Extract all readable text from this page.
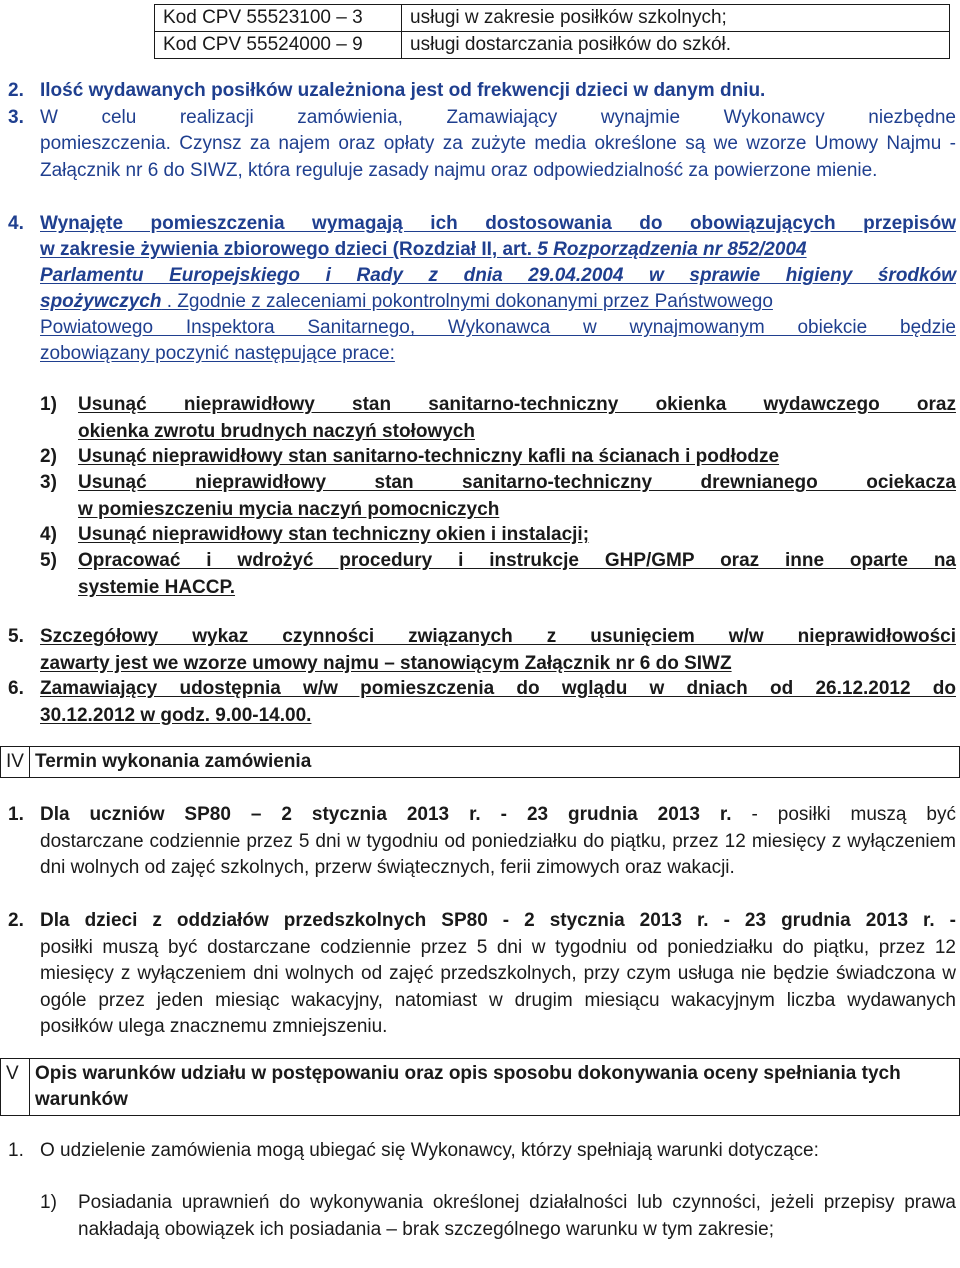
Kod CPV 55523100 – 3	usługi w zakresie posiłków szkolnych;
Kod CPV 55524000 – 9	usługi dostarczania posiłków do szkół.
2. Ilość wydawanych posiłków uzależniona jest od frekwencji dzieci w danym dniu.
3. W celu realizacji zamówienia, Zamawiający wynajmie Wykonawcy niezbędne
pomieszczenia. Czynsz za najem oraz opłaty za zużyte media określone są we wzorze Umowy Najmu - Załącznik nr 6 do SIWZ, która reguluje zasady najmu oraz odpowiedzialność za powierzone mienie.
4. Wynajęte pomieszczenia wymagają ich dostosowania do obowiązujących przepisów
w zakresie żywienia zbiorowego dzieci (Rozdział II, art. 5 Rozporządzenia nr 852/2004
Parlamentu Europejskiego i Rady z dnia 29.04.2004 w sprawie higieny środków
spożywczych . Zgodnie z zaleceniami pokontrolnymi dokonanymi przez Państwowego
Powiatowego Inspektora Sanitarnego, Wykonawca w wynajmowanym obiekcie będzie
zobowiązany poczynić następujące prace:
1) Usunąć nieprawidłowy stan sanitarno-techniczny okienka wydawczego oraz
okienka zwrotu brudnych naczyń stołowych
2) Usunąć nieprawidłowy stan sanitarno-techniczny kafli na ścianach i podłodze
3) Usunąć nieprawidłowy stan sanitarno-techniczny drewnianego ociekacza
w pomieszczeniu mycia naczyń pomocniczych
4) Usunąć nieprawidłowy stan techniczny okien i instalacji;
5) Opracować i wdrożyć procedury i instrukcje GHP/GMP oraz inne oparte na
systemie HACCP.
5. Szczegółowy wykaz czynności związanych z usunięciem w/w nieprawidłowości
zawarty jest we wzorze umowy najmu – stanowiącym Załącznik nr 6 do SIWZ
6. Zamawiający udostępnia w/w pomieszczenia do wglądu w dniach od 26.12.2012 do
30.12.2012 w godz. 9.00-14.00.
IV	Termin wykonania zamówienia
1. Dla uczniów SP80 – 2 stycznia 2013 r. - 23 grudnia 2013 r. - posiłki muszą być
dostarczane codziennie przez 5 dni w tygodniu od poniedziałku do piątku, przez 12 miesięcy z wyłączeniem dni wolnych od zajęć szkolnych, przerw świątecznych, ferii zimowych oraz wakacji.
2. Dla dzieci z oddziałów przedszkolnych SP80 - 2 stycznia 2013 r. - 23 grudnia 2013 r. -
posiłki muszą być dostarczane codziennie przez 5 dni w tygodniu od poniedziałku do piątku, przez 12 miesięcy z wyłączeniem dni wolnych od zajęć przedszkolnych, przy czym usługa nie będzie świadczona w ogóle przez jeden miesiąc wakacyjny, natomiast w drugim miesiącu wakacyjnym liczba wydawanych posiłków ulega znacznemu zmniejszeniu.
V	Opis warunków udziału w postępowaniu oraz opis sposobu dokonywania oceny spełniania tych warunków
1. O udzielenie zamówienia mogą ubiegać się Wykonawcy, którzy spełniają warunki dotyczące:
1) Posiadania uprawnień do wykonywania określonej działalności lub czynności, jeżeli przepisy prawa nakładają obowiązek ich posiadania – brak szczególnego warunku w tym zakresie;
